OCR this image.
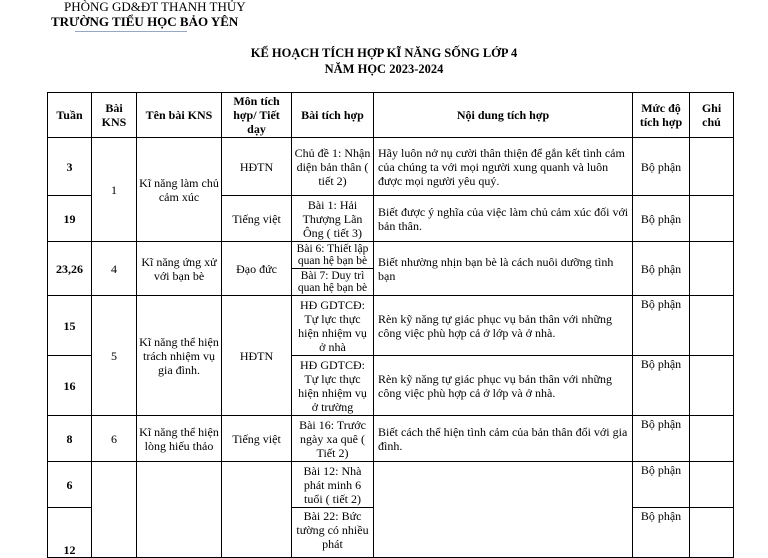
PHÒNG GD&ĐT THANH THỦY
TRƯỜNG TIỂU HỌC BẢO YÊN
KẾ HOẠCH TÍCH HỢP KĨ NĂNG SỐNG LỚP 4
NĂM HỌC 2023-2024
Tuần	Bài KNS	Tên bài KNS	Môn tích hợp/ Tiết dạy	Bài tích hợp	Nội dung tích hợp	Mức độ tích hợp	Ghi chú
3	1	Kĩ năng làm chủ cảm xúc	HĐTN	Chủ đề 1: Nhận diện bản thân ( tiết 2)	Hãy luôn nở nụ cười thân thiện để gắn kết tình cảm của chúng ta với mọi người xung quanh và luôn được mọi người yêu quý.	Bộ phận	
19			Tiếng việt	Bài 1: Hải Thượng Lãn Ông ( tiết 3)	Biết được ý nghĩa của việc làm chủ cảm xúc đối với bản thân.	Bộ phận	
23,26	4	Kĩ năng ứng xử với bạn bè	Đạo đức	Bài 6: Thiết lập quan hệ bạn bè	Biết nhường nhịn bạn bè là cách nuôi dưỡng tình bạn	Bộ phận	
				Bài 7: Duy trì quan hệ bạn bè			
15	5	Kĩ năng thể hiện trách nhiệm vụ gia đình.	HĐTN	HĐ GDTCĐ: Tự lực thực hiện nhiệm vụ ở nhà	Rèn kỹ năng tự giác phục vụ bản thân với những công việc phù hợp cả ở lớp và ở nhà.	Bộ phận	
16				HĐ GDTCĐ: Tự lực thực hiện nhiệm vụ ở trường	Rèn kỹ năng tự giác phục vụ bản thân với những công việc phù hợp cả ở lớp và ở nhà.	Bộ phận	
8	6	Kĩ năng thể hiện lòng hiếu thảo	Tiếng việt	Bài 16: Trước ngày xa quê ( Tiết 2)	Biết cách thể hiện tình cảm của bản thân đối với gia đình.	Bộ phận	
6				Bài 12: Nhà phát minh 6 tuổi ( tiết 2)		Bộ phận	
12				Bài 22: Bức tường có nhiều phát		Bộ phận	
